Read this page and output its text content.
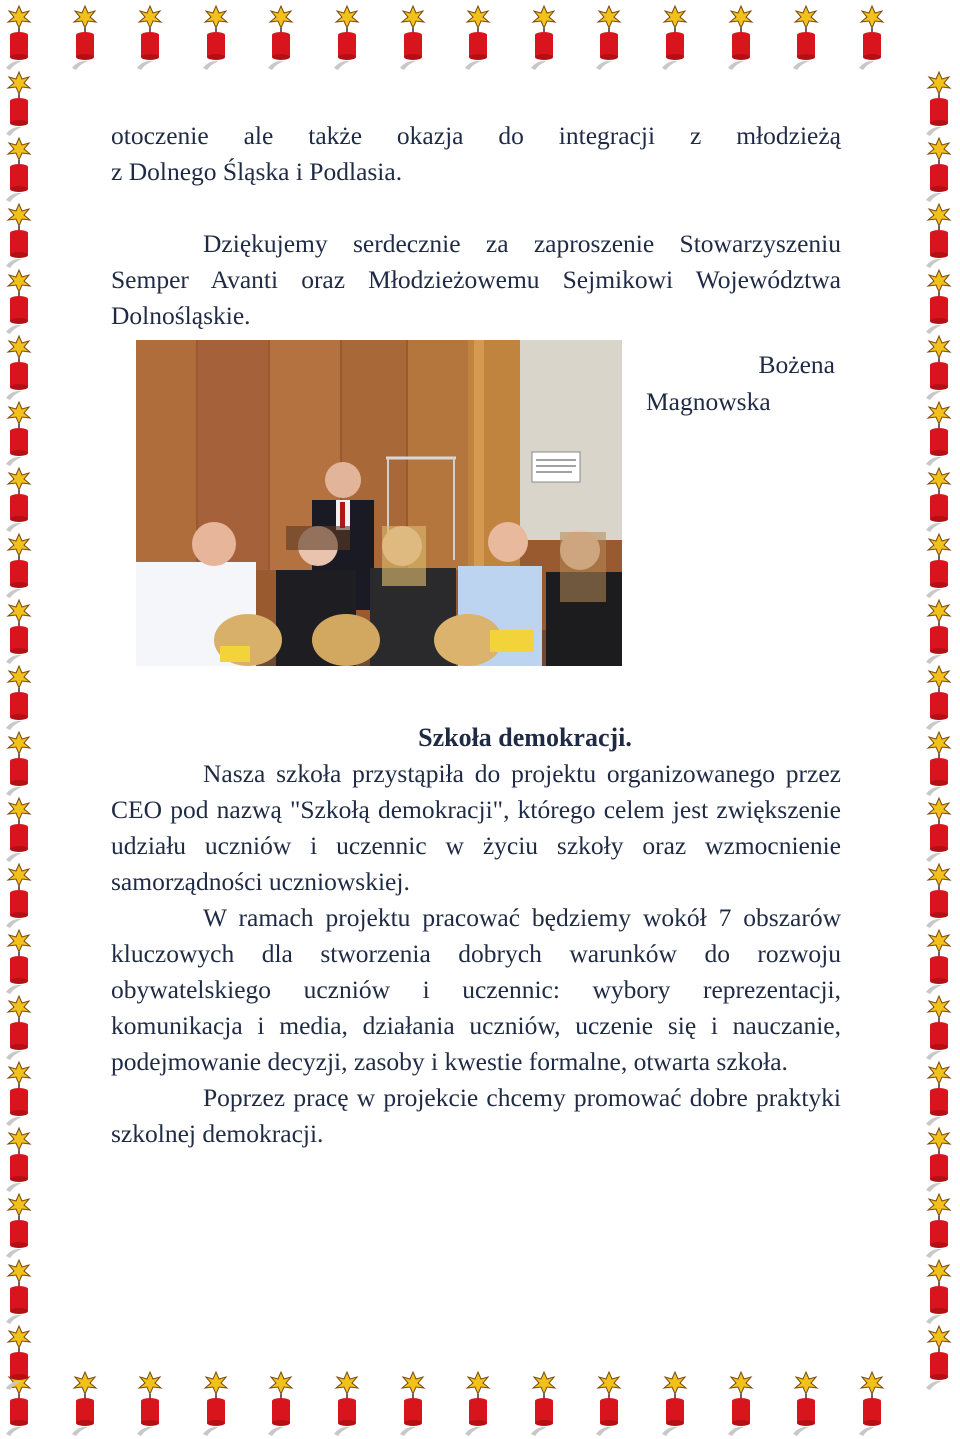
otoczenie ale także okazja do integracji z młodzieżą

z Dolnego Śląska i Podlasia.

Dziękujemy serdecznie za zaproszenie Stowarzyszeniu Semper Avanti oraz Młodzieżowemu Sejmikowi Województwa Dolnośląskie.

Bożena
Magnowska
Szkoła demokracji.

Nasza szkoła przystąpiła do projektu organizowanego przez CEO pod nazwą "Szkołą demokracji", którego celem jest zwiększenie udziału uczniów i uczennic w życiu szkoły oraz wzmocnienie samorządności uczniowskiej.

W ramach projektu pracować będziemy wokół 7 obszarów kluczowych dla stworzenia dobrych warunków do rozwoju obywatelskiego uczniów i uczennic: wybory reprezentacji, komunikacja i media, działania uczniów, uczenie się i nauczanie, podejmowanie decyzji, zasoby i kwestie formalne, otwarta szkoła.

Poprzez pracę w projekcie chcemy promować dobre praktyki szkolnej demokracji.
